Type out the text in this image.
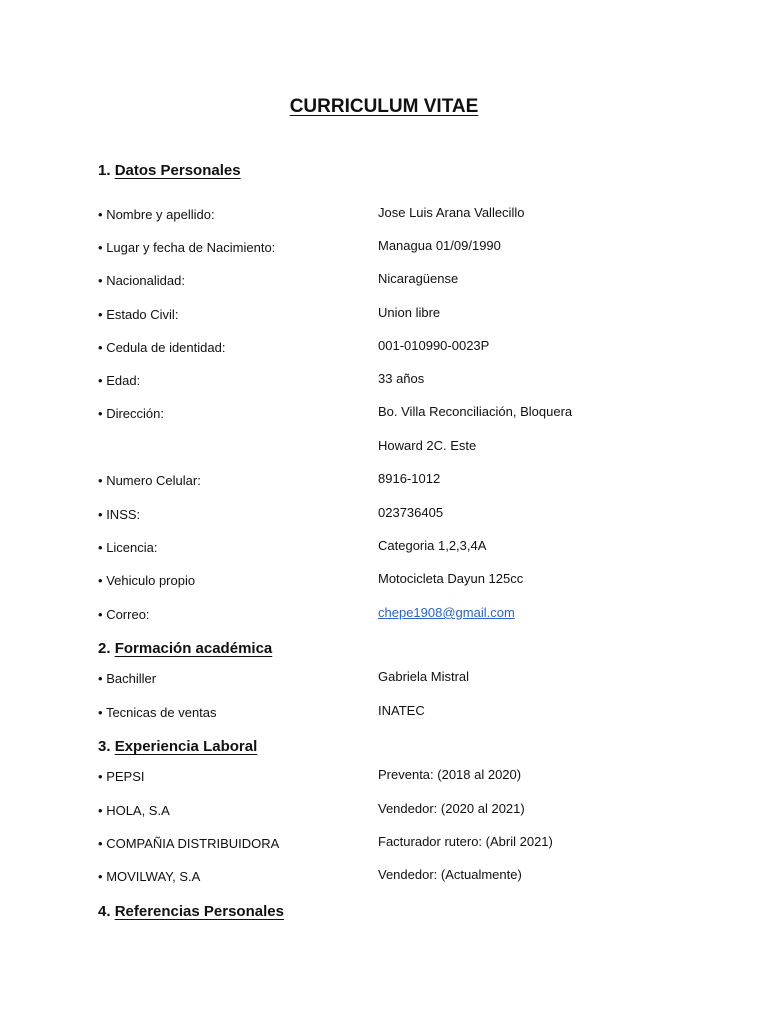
CURRICULUM VITAE
1. Datos Personales
• Nombre y apellido:	Jose Luis Arana Vallecillo
• Lugar y fecha de Nacimiento:	Managua 01/09/1990
• Nacionalidad:	Nicaragüense
• Estado Civil:	Union libre
• Cedula de identidad:	001-010990-0023P
• Edad:	33 años
• Dirección:	Bo. Villa Reconciliación, Bloquera
Howard 2C. Este
• Numero Celular:	8916-1012
• INSS:	023736405
• Licencia:	Categoria 1,2,3,4A
• Vehiculo propio	Motocicleta Dayun 125cc
• Correo:	chepe1908@gmail.com
2. Formación académica
• Bachiller	Gabriela Mistral
• Tecnicas de ventas	INATEC
3. Experiencia Laboral
• PEPSI	Preventa: (2018 al 2020)
• HOLA, S.A	Vendedor: (2020 al 2021)
• COMPAÑIA DISTRIBUIDORA	Facturador rutero: (Abril 2021)
• MOVILWAY, S.A	Vendedor: (Actualmente)
4. Referencias Personales
